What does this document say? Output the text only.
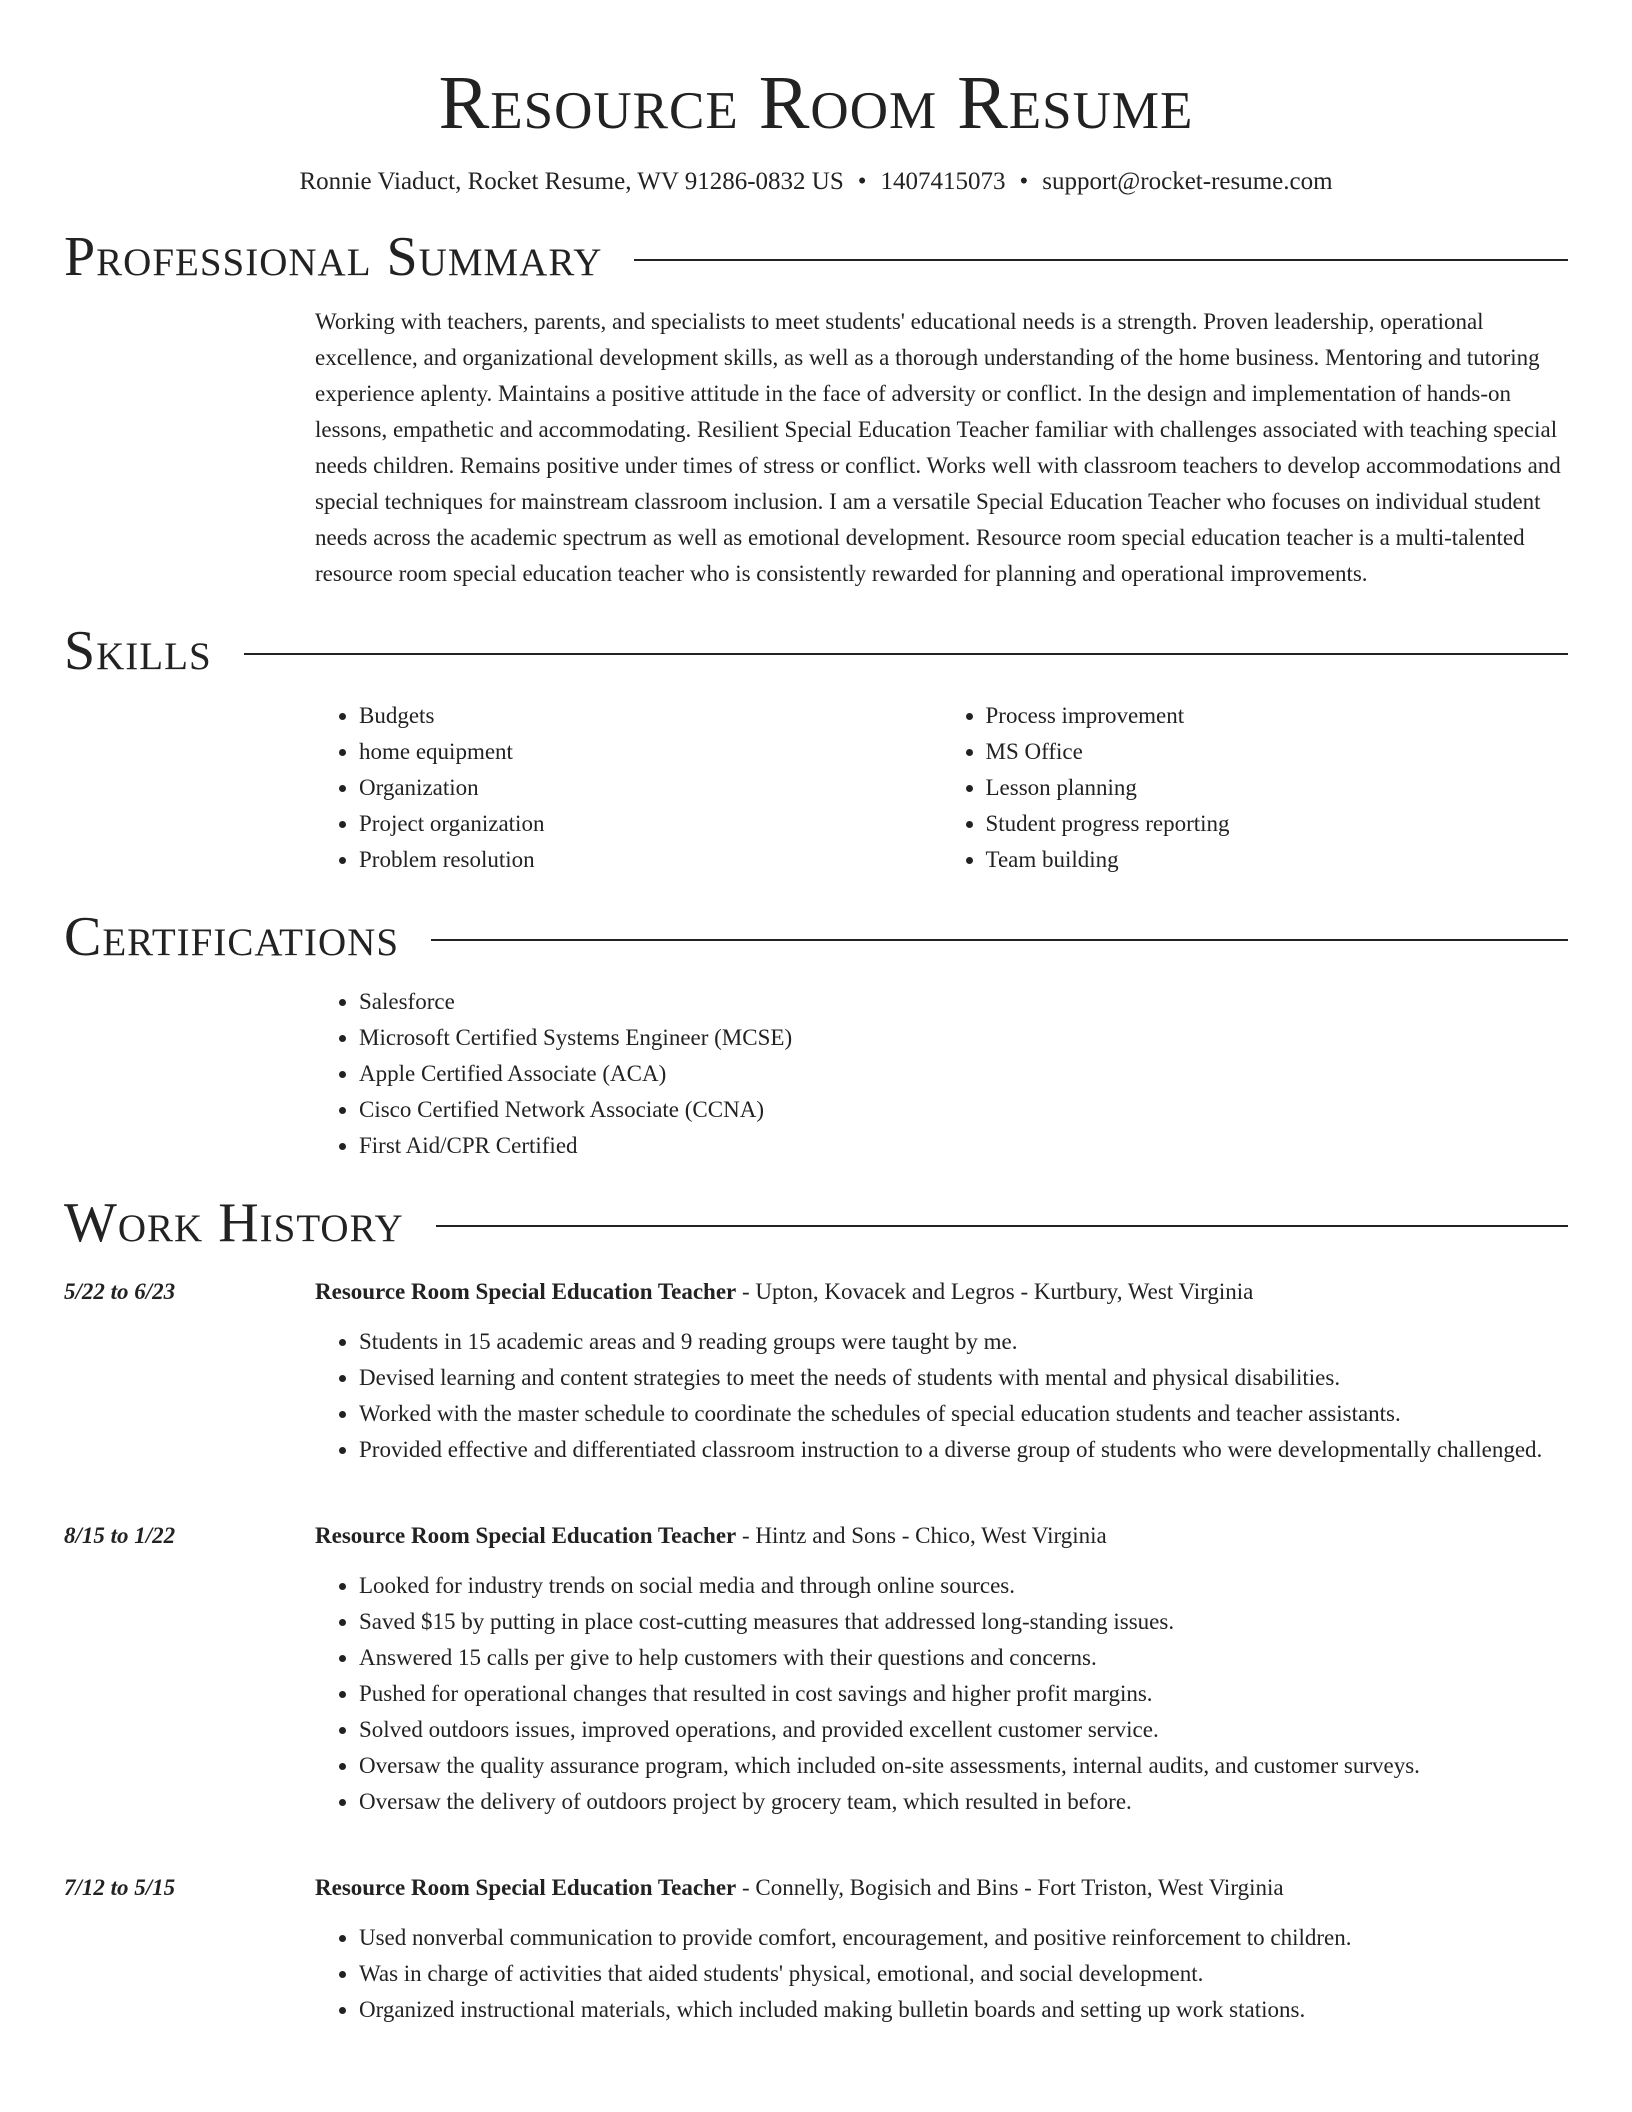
Resource Room Resume
Ronnie Viaduct, Rocket Resume, WV 91286-0832 US • 1407415073 • support@rocket-resume.com
Professional Summary

Working with teachers, parents, and specialists to meet students' educational needs is a strength. Proven leadership, operational excellence, and organizational development skills, as well as a thorough understanding of the home business. Mentoring and tutoring experience aplenty. Maintains a positive attitude in the face of adversity or conflict. In the design and implementation of hands-on lessons, empathetic and accommodating. Resilient Special Education Teacher familiar with challenges associated with teaching special needs children. Remains positive under times of stress or conflict. Works well with classroom teachers to develop accommodations and special techniques for mainstream classroom inclusion. I am a versatile Special Education Teacher who focuses on individual student needs across the academic spectrum as well as emotional development. Resource room special education teacher is a multi-talented resource room special education teacher who is consistently rewarded for planning and operational improvements.

Skills
• Budgets
• home equipment
• Organization
• Project organization
• Problem resolution
• Process improvement
• MS Office
• Lesson planning
• Student progress reporting
• Team building
Certifications
• Salesforce
• Microsoft Certified Systems Engineer (MCSE)
• Apple Certified Associate (ACA)
• Cisco Certified Network Associate (CCNA)
• First Aid/CPR Certified
Work History
5/22 to 6/23	Resource Room Special Education Teacher - Upton, Kovacek and Legros - Kurtbury, West Virginia
• Students in 15 academic areas and 9 reading groups were taught by me.
• Devised learning and content strategies to meet the needs of students with mental and physical disabilities.
• Worked with the master schedule to coordinate the schedules of special education students and teacher assistants.
• Provided effective and differentiated classroom instruction to a diverse group of students who were developmentally challenged.
8/15 to 1/22	Resource Room Special Education Teacher - Hintz and Sons - Chico, West Virginia
• Looked for industry trends on social media and through online sources.
• Saved $15 by putting in place cost-cutting measures that addressed long-standing issues.
• Answered 15 calls per give to help customers with their questions and concerns.
• Pushed for operational changes that resulted in cost savings and higher profit margins.
• Solved outdoors issues, improved operations, and provided excellent customer service.
• Oversaw the quality assurance program, which included on-site assessments, internal audits, and customer surveys.
• Oversaw the delivery of outdoors project by grocery team, which resulted in before.
7/12 to 5/15	Resource Room Special Education Teacher - Connelly, Bogisich and Bins - Fort Triston, West Virginia
• Used nonverbal communication to provide comfort, encouragement, and positive reinforcement to children.
• Was in charge of activities that aided students' physical, emotional, and social development.
• Organized instructional materials, which included making bulletin boards and setting up work stations.
